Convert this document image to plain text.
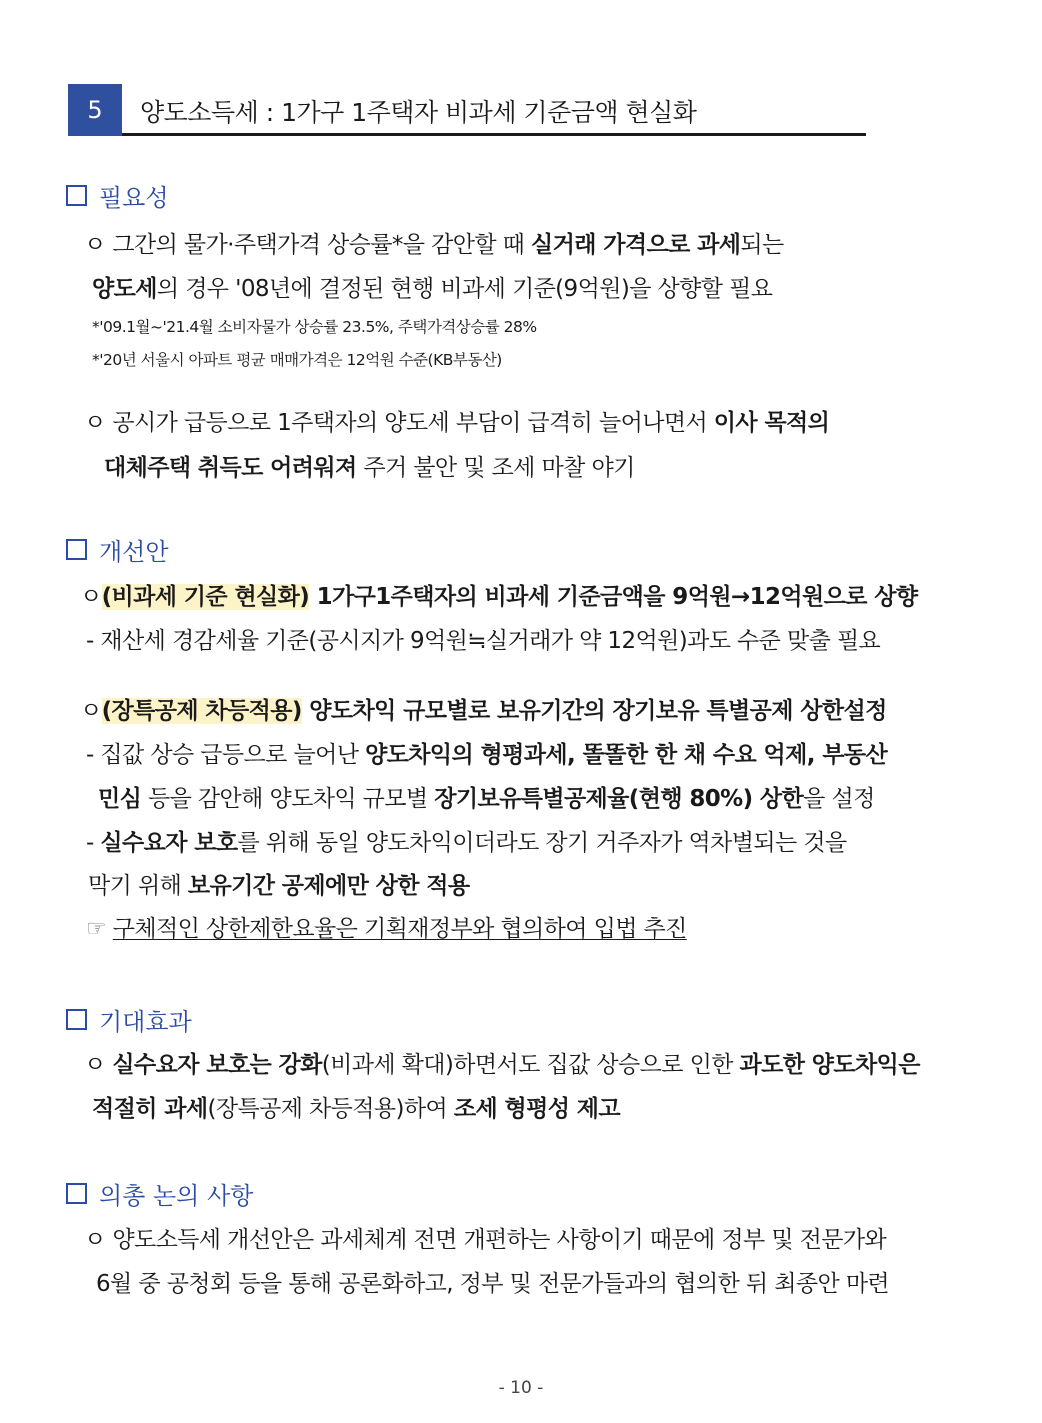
5	양도소득세 : 1가구 1주택자 비과세 기준금액 현실화
필요성
ㅇ 그간의 물가·주택가격 상승률*을 감안할 때 실거래 가격으로 과세되는
양도세의 경우 '08년에 결정된 현행 비과세 기준(9억원)을 상향할 필요
*'09.1월~'21.4월 소비자물가 상승률 23.5%, 주택가격상승률 28%
*'20년 서울시 아파트 평균 매매가격은 12억원 수준(KB부동산)
ㅇ 공시가 급등으로 1주택자의 양도세 부담이 급격히 늘어나면서 이사 목적의
대체주택 취득도 어려워져 주거 불안 및 조세 마찰 야기
개선안
ㅇ(비과세 기준 현실화) 1가구1주택자의 비과세 기준금액을 9억원→12억원으로 상향
- 재산세 경감세율 기준(공시지가 9억원≒실거래가 약 12억원)과도 수준 맞출 필요
ㅇ(장특공제 차등적용) 양도차익 규모별로 보유기간의 장기보유 특별공제 상한설정
- 집값 상승 급등으로 늘어난 양도차익의 형평과세, 똘똘한 한 채 수요 억제, 부동산
민심 등을 감안해 양도차익 규모별 장기보유특별공제율(현행 80%) 상한을 설정
- 실수요자 보호를 위해 동일 양도차익이더라도 장기 거주자가 역차별되는 것을
막기 위해 보유기간 공제에만 상한 적용
☞ 구체적인 상한제한요율은 기획재정부와 협의하여 입법 추진
기대효과
ㅇ 실수요자 보호는 강화(비과세 확대)하면서도 집값 상승으로 인한 과도한 양도차익은
적절히 과세(장특공제 차등적용)하여 조세 형평성 제고
의총 논의 사항
ㅇ 양도소득세 개선안은 과세체계 전면 개편하는 사항이기 때문에 정부 및 전문가와
6월 중 공청회 등을 통해 공론화하고, 정부 및 전문가들과의 협의한 뒤 최종안 마련
- 10 -
